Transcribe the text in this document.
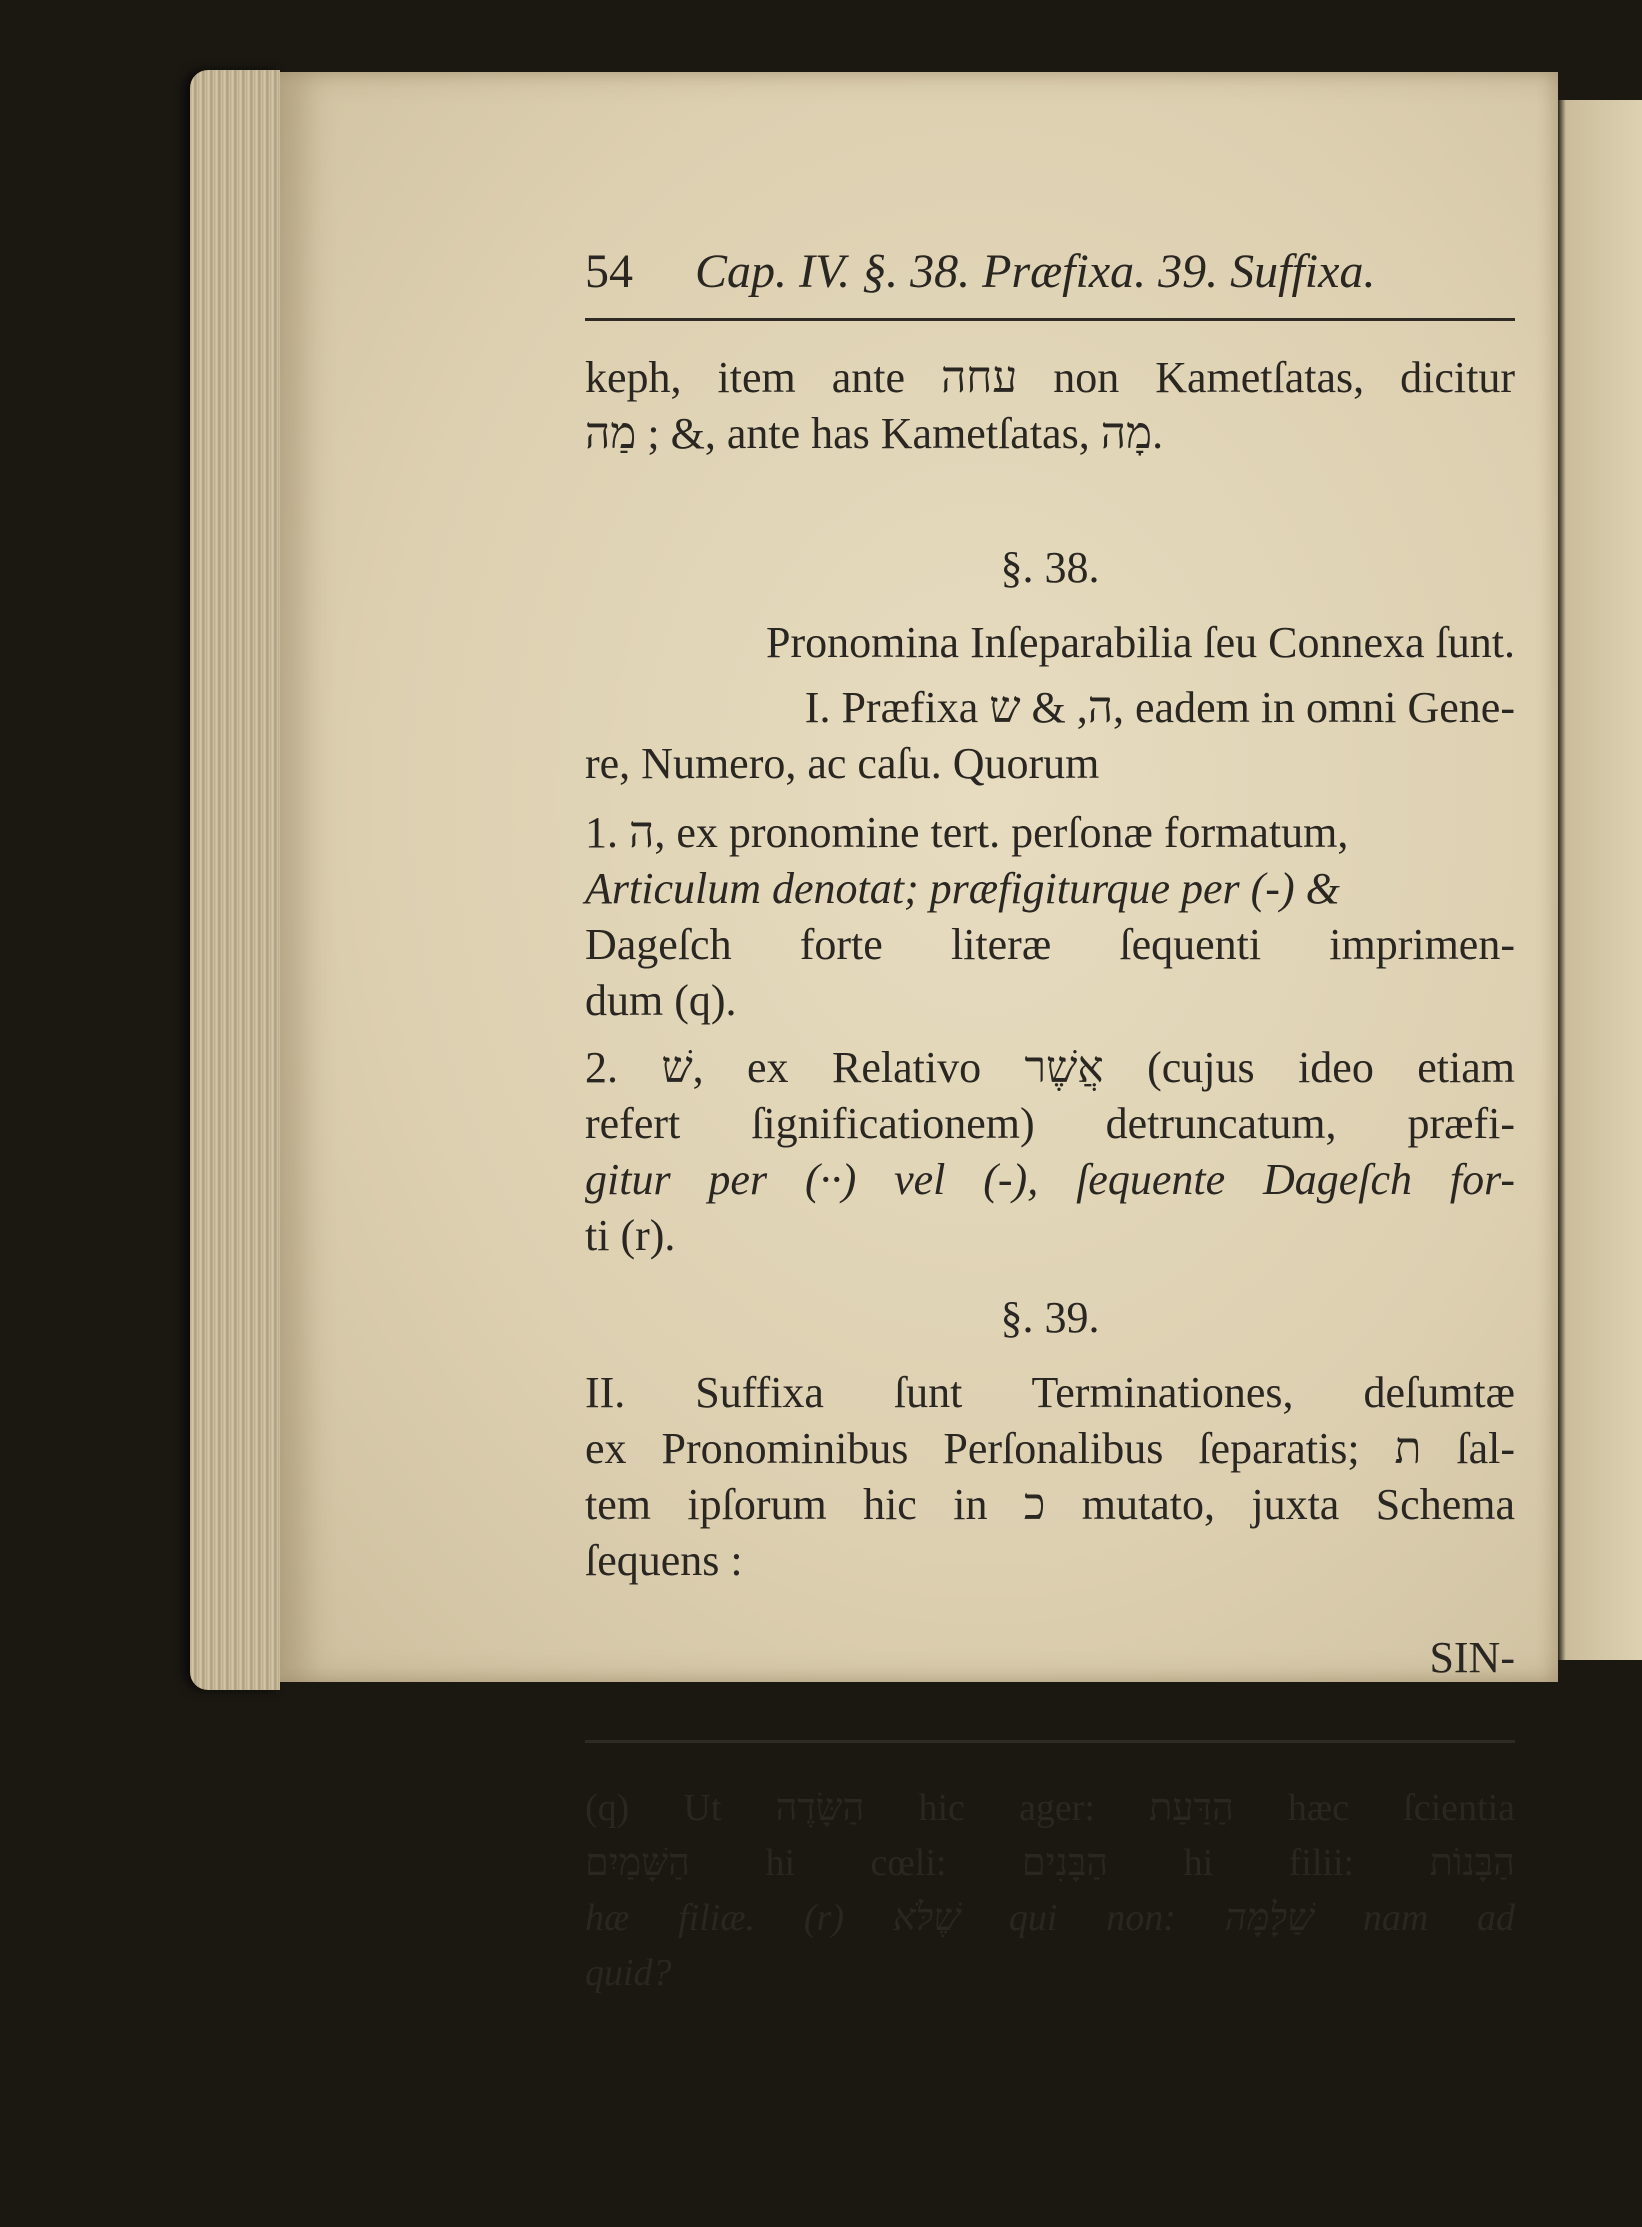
54 Cap. IV. §. 38. Præfixa. 39. Suffixa.
keph, item ante עחה non Kametſatas, dicitur
מַה ; &, ante has Kametſatas, מָה.
§. 38.
Pronomina Inſeparabilia ſeu Connexa ſunt.
I. Præfixa ה, & ש, eadem in omni Gene-
re, Numero, ac caſu. Quorum
1. ה, ex pronomine tert. perſonæ formatum,
Articulum denotat; præfigiturque per (-) &
Dageſch forte literæ ſequenti imprimen-
dum (q).
2. שׁ, ex Relativo אֲשֶׁר (cujus ideo etiam
refert ſignificationem) detruncatum, præfi-
gitur per (··) vel (-), ſequente Dageſch for-
ti (r).
§. 39.
II. Suffixa ſunt Terminationes, deſumtæ
ex Pronominibus Perſonalibus ſeparatis; ת ſal-
tem ipſorum hic in כ mutato, juxta Schema
ſequens :
SIN-
(q) Ut הַשָּׂדֶה hic ager: הַדַּעַת hæc ſcientia
הַשָּׁמַיִם hi cœli: הַבָּנִים hi filii: הַבָּנוֹת
hæ filiæ. (r) שֶׁלֹּא qui non: שַׁלָּמָּה nam ad
quid?
